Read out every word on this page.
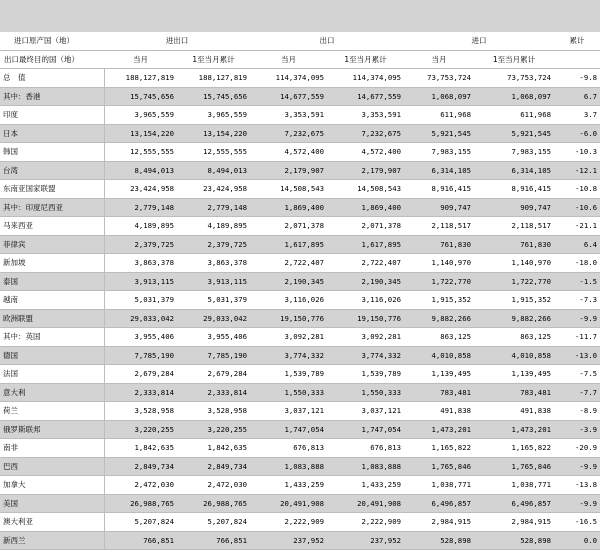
进口原产国（地）	进出口		出口		进口		累计
出口最终目的国（地）	当月	1至当月累计	当月	1至当月累计	当月	1至当月累计	
总　值	188,127,819	188,127,819	114,374,095	114,374,095	73,753,724	73,753,724	-9.8
其中：香港	15,745,656	15,745,656	14,677,559	14,677,559	1,068,097	1,068,097	6.7
印度	3,965,559	3,965,559	3,353,591	3,353,591	611,968	611,968	3.7
日本	13,154,220	13,154,220	7,232,675	7,232,675	5,921,545	5,921,545	-6.0
韩国	12,555,555	12,555,555	4,572,400	4,572,400	7,983,155	7,983,155	-10.3
台湾	8,494,013	8,494,013	2,179,907	2,179,907	6,314,105	6,314,105	-12.1
东南亚国家联盟	23,424,958	23,424,958	14,508,543	14,508,543	8,916,415	8,916,415	-10.8
其中：印度尼西亚	2,779,148	2,779,148	1,869,400	1,869,400	909,747	909,747	-10.6
马来西亚	4,189,895	4,189,895	2,071,378	2,071,378	2,118,517	2,118,517	-21.1
菲律宾	2,379,725	2,379,725	1,617,895	1,617,895	761,830	761,830	6.4
新加坡	3,863,378	3,863,378	2,722,407	2,722,407	1,140,970	1,140,970	-18.0
泰国	3,913,115	3,913,115	2,190,345	2,190,345	1,722,770	1,722,770	-1.5
越南	5,031,379	5,031,379	3,116,026	3,116,026	1,915,352	1,915,352	-7.3
欧洲联盟	29,033,042	29,033,042	19,150,776	19,150,776	9,882,266	9,882,266	-9.9
其中：英国	3,955,406	3,955,406	3,092,281	3,092,281	863,125	863,125	-11.7
德国	7,785,190	7,785,190	3,774,332	3,774,332	4,010,858	4,010,858	-13.0
法国	2,679,284	2,679,284	1,539,789	1,539,789	1,139,495	1,139,495	-7.5
意大利	2,333,814	2,333,814	1,550,333	1,550,333	783,481	783,481	-7.7
荷兰	3,528,958	3,528,958	3,037,121	3,037,121	491,838	491,838	-8.9
俄罗斯联邦	3,220,255	3,220,255	1,747,054	1,747,054	1,473,201	1,473,201	-3.9
南非	1,842,635	1,842,635	676,813	676,813	1,165,822	1,165,822	-20.9
巴西	2,849,734	2,849,734	1,083,888	1,083,888	1,765,846	1,765,846	-9.9
加拿大	2,472,030	2,472,030	1,433,259	1,433,259	1,038,771	1,038,771	-13.8
美国	26,988,765	26,988,765	20,491,908	20,491,908	6,496,857	6,496,857	-9.9
澳大利亚	5,207,824	5,207,824	2,222,909	2,222,909	2,984,915	2,984,915	-16.5
新西兰	766,851	766,851	237,952	237,952	528,898	528,898	0.0
